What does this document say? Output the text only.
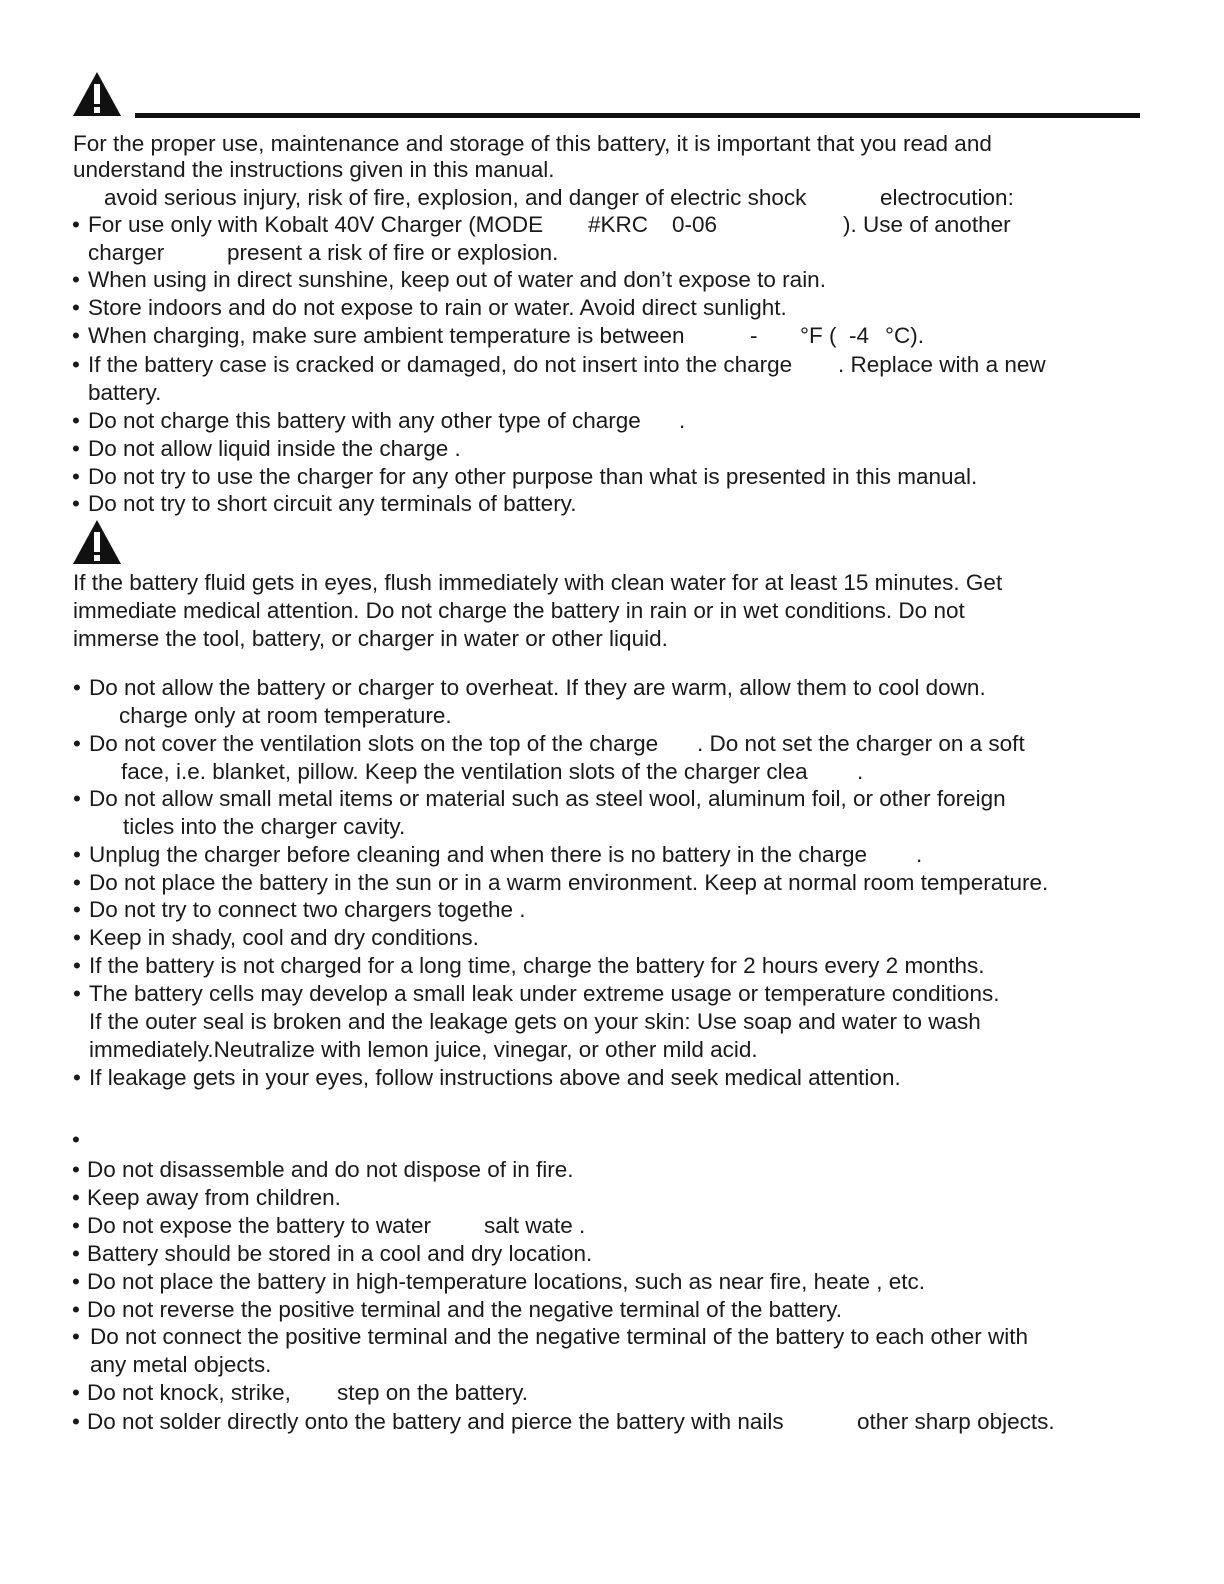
For the proper use, maintenance and storage of this battery, it is important that you read and
understand the instructions given in this manual.
avoid serious injury, risk of fire, explosion, and danger of electric shock	electrocution:
• For use only with Kobalt 40V Charger (MODE #KRC 0-06	). Use of another
charger	present a risk of fire or explosion.
• When using in direct sunshine, keep out of water and don’t expose to rain.
• Store indoors and do not expose to rain or water. Avoid direct sunlight.
• When charging, make sure ambient temperature is between	- °F ( -4 °C).
• If the battery case is cracked or damaged, do not insert into the charge . Replace with a new
battery.
• Do not charge this battery with any other type of charge .
• Do not allow liquid inside the charge .
• Do not try to use the charger for any other purpose than what is presented in this manual.
• Do not try to short circuit any terminals of battery.
If the battery fluid gets in eyes, flush immediately with clean water for at least 15 minutes. Get
immediate medical attention. Do not charge the battery in rain or in wet conditions. Do not
immerse the tool, battery, or charger in water or other liquid.
• Do not allow the battery or charger to overheat. If they are warm, allow them to cool down.
charge only at room temperature.
• Do not cover the ventilation slots on the top of the charge . Do not set the charger on a soft
face, i.e. blanket, pillow. Keep the ventilation slots of the charger clea .
• Do not allow small metal items or material such as steel wool, aluminum foil, or other foreign
ticles into the charger cavity.
• Unplug the charger before cleaning and when there is no battery in the charge .
• Do not place the battery in the sun or in a warm environment. Keep at normal room temperature.
• Do not try to connect two chargers togethe .
• Keep in shady, cool and dry conditions.
• If the battery is not charged for a long time, charge the battery for 2 hours every 2 months.
• The battery cells may develop a small leak under extreme usage or temperature conditions.
If the outer seal is broken and the leakage gets on your skin: Use soap and water to wash
immediately.Neutralize with lemon juice, vinegar, or other mild acid.
• If leakage gets in your eyes, follow instructions above and seek medical attention.
•
• Do not disassemble and do not dispose of in fire.
• Keep away from children.
• Do not expose the battery to water salt wate .
• Battery should be stored in a cool and dry location.
• Do not place the battery in high-temperature locations, such as near fire, heate , etc.
• Do not reverse the positive terminal and the negative terminal of the battery.
• Do not connect the positive terminal and the negative terminal of the battery to each other with
any metal objects.
• Do not knock, strike, step on the battery.
• Do not solder directly onto the battery and pierce the battery with nails	other sharp objects.
